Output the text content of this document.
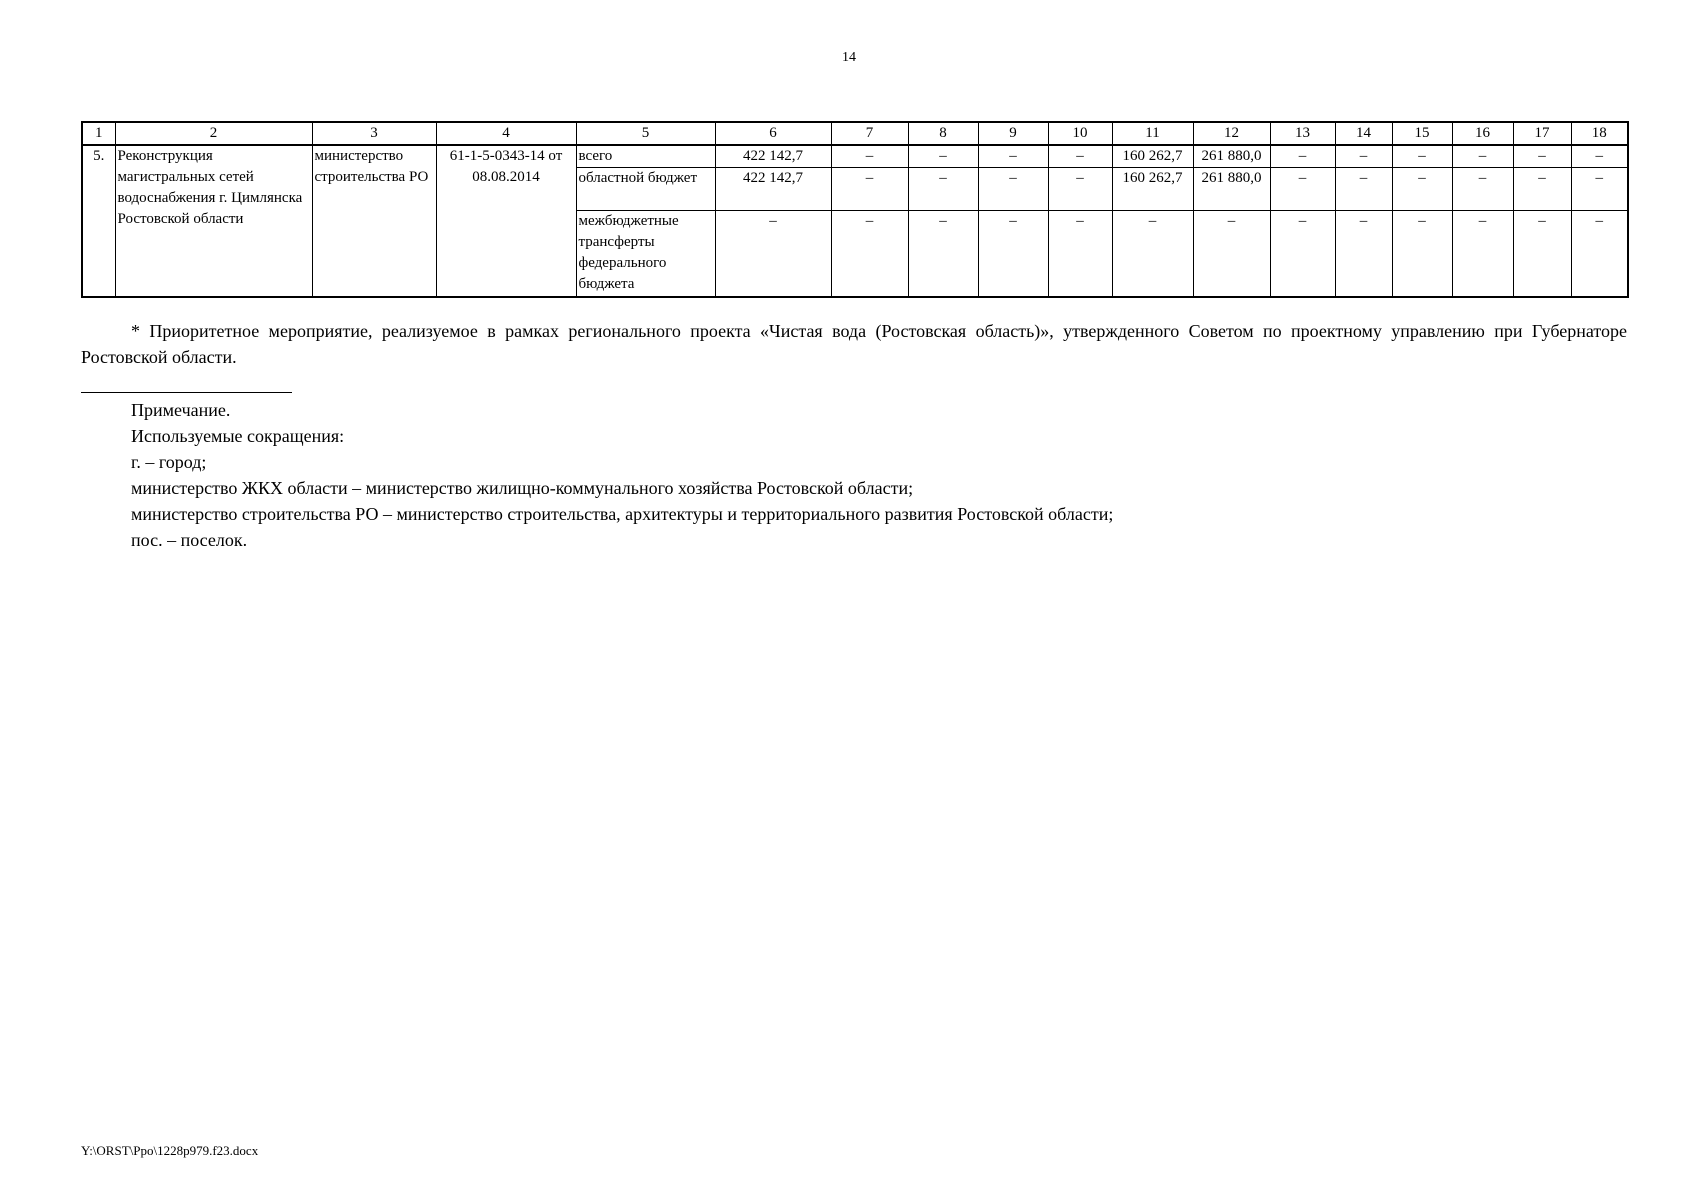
14
1	2	3	4	5	6	7	8	9	10	11	12	13	14	15	16	17	18
5.	Реконструкция магистральных сетей водоснабжения г. Цимлянска Ростовской области	министерство строительства РО	61-1-5-0343-14 от 08.08.2014	всего	422 142,7	–	–	–	–	160 262,7	261 880,0	–	–	–	–	–	–
				областной бюджет	422 142,7	–	–	–	–	160 262,7	261 880,0	–	–	–	–	–	–
				межбюджетные трансферты федерального бюджета	–	–	–	–	–	–	–	–	–	–	–	–	–
* Приоритетное мероприятие, реализуемое в рамках регионального проекта «Чистая вода (Ростовская область)», утвержденного Советом по проектному управлению при Губернаторе Ростовской области.
Примечание.
Используемые сокращения:
г. – город;
министерство ЖКХ области – министерство жилищно-коммунального хозяйства Ростовской области;
министерство строительства РО – министерство строительства, архитектуры и территориального развития Ростовской области;
пос. – поселок.
Y:\ORST\Ppo\1228p979.f23.docx
